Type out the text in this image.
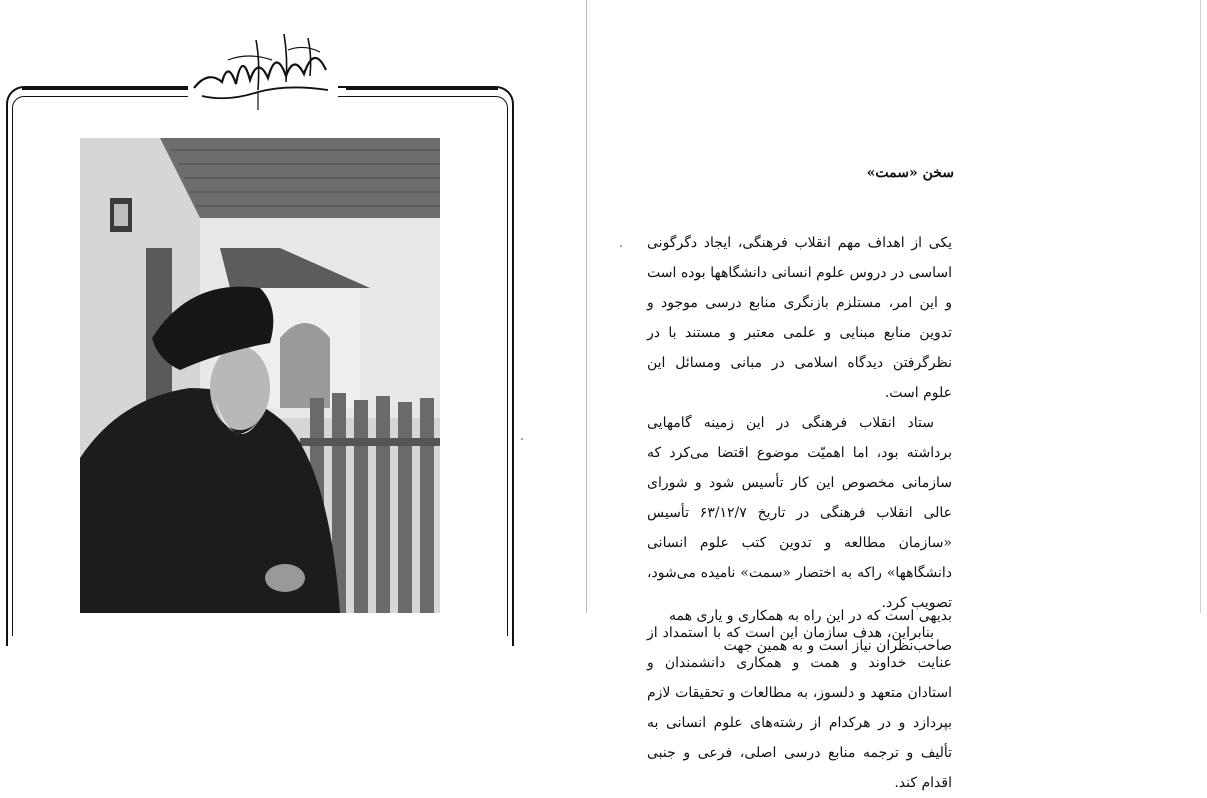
سخن «سمت»

یکی از اهداف مهم انقلاب فرهنگی، ایجاد دگرگونی اساسی در دروس علوم انسانی دانشگاهها بوده است و این امر، مستلزم بازنگری منابع درسی موجود و تدوین منابع مبنایی و علمی معتبر و مستند با در نظرگرفتن دیدگاه اسلامی در مبانی ومسائل این علوم است.

ستاد انقلاب فرهنگی در این زمینه گامهایی برداشته بود، اما اهمیّت موضوع اقتضا می‌کرد که سازمانی مخصوص این کار تأسیس شود و شورای عالی انقلاب فرهنگی در تاریخ ۶۳/۱۲/۷ تأسیس «سازمان مطالعه و تدوین کتب علوم انسانی دانشگاهها» راکه به اختصار «سمت» نامیده می‌شود، تصویب کرد.

بنابراین، هدف سازمان این است که با استمداد از عنایت خداوند و همت و همکاری دانشمندان و استادان متعهد و دلسوز، به مطالعات و تحقیقات لازم بپردازد و در هرکدام از رشته‌های علوم انسانی به تألیف و ترجمه منابع درسی اصلی، فرعی و جنبی اقدام کند.

بدیهی است که در این راه به همکاری و یاری همه صاحب‌نظران نیاز است و به همین جهت
